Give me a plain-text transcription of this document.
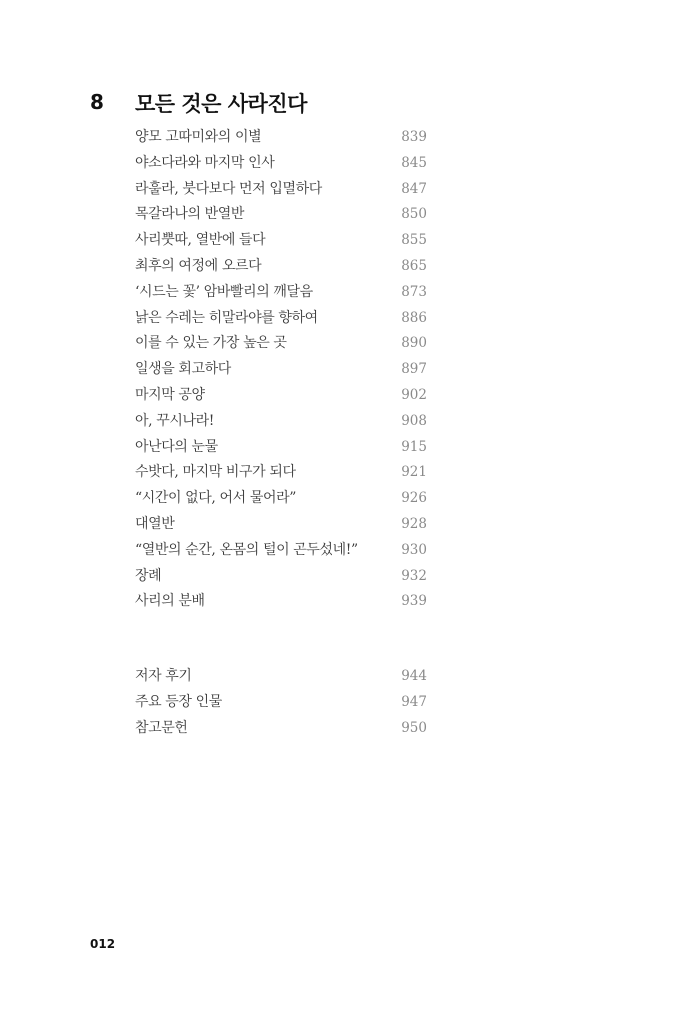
8 모든 것은 사라진다
양모 고따미와의 이별	839
야소다라와 마지막 인사	845
라훌라, 붓다보다 먼저 입멸하다	847
목갈라나의 반열반	850
사리뿟따, 열반에 들다	855
최후의 여정에 오르다	865
‘시드는 꽃’ 암바빨리의 깨달음	873
낡은 수레는 히말라야를 향하여	886
이를 수 있는 가장 높은 곳	890
일생을 회고하다	897
마지막 공양	902
아, 꾸시나라!	908
아난다의 눈물	915
수밧다, 마지막 비구가 되다	921
“시간이 없다, 어서 물어라”	926
대열반	928
“열반의 순간, 온몸의 털이 곤두섰네!”	930
장례	932
사리의 분배	939
저자 후기	944
주요 등장 인물	947
참고문헌	950
012
